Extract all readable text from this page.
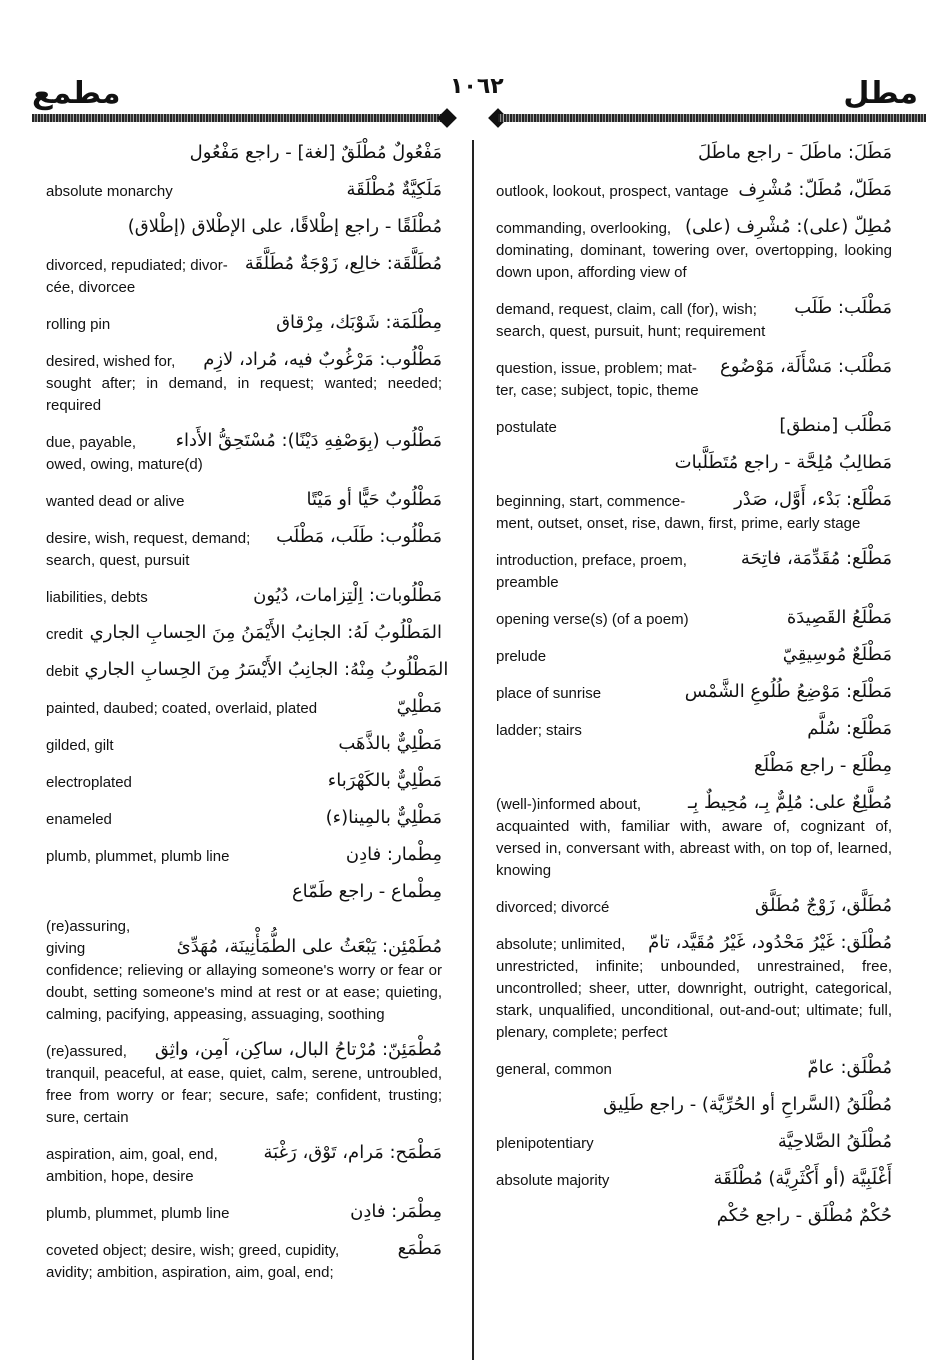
مطمع	١٠٦٢	مطل
مَفْعُولٌ مُطْلَقٌ [لغة] - راجع مَفْعُول
absolute monarchy	مَلَكِيَّةٌ مُطْلَقَة
مُطْلَقًا - راجع إطْلاقًا، على الإطْلاق (إطْلاق)
divorced, repudiated; divor- مُطَلَّقَة: خالِع، زَوْجَةٌ مُطَلَّقَة
cée, divorcee
rolling pin	مِطْلَمَة: شَوْبَك، مِرْقاق
desired, wished for,	مَطْلُوب: مَرْغُوبٌ فيه، مُراد، لازِم
sought after; in demand, in request; wanted; needed; required
due, payable,	مَطْلُوب (بِوَصْفِهِ دَيْنًا): مُسْتَحِقُّ الأَداء
owed, owing, mature(d)
wanted dead or alive	مَطْلُوبٌ حَيًّا أو مَيْتًا
desire, wish, request, demand;	مَطْلُوب: طَلَب، مَطْلَب
search, quest, pursuit
liabilities, debts	مَطْلُوبات: اِلْتِزامات، دُيُون
credit المَطْلُوبُ لَهُ: الجانِبُ الأَيْمَنُ مِنَ الحِسابِ الجاري
debit المَطْلُوبُ مِنْهُ: الجانِبُ الأَيْسَرُ مِنَ الحِسابِ الجاري
painted, daubed; coated, overlaid, plated	مَطْلِيّ
gilded, gilt	مَطْلِيٌّ بالذَّهَب
electroplated	مَطْلِيٌّ بالكَهْرَباء
enameled	مَطْلِيٌّ بالمِينا(ء)
plumb, plummet, plumb line	مِطْمار: فادِن
مِطْماع - راجع طَمّاع
(re)assuring, giving	مُطَمْئِن: يَبْعَثُ على الطُّمَأْنِينَة، مُهَدِّئ
confidence; relieving or allaying someone's worry or fear or doubt, setting someone's mind at rest or at ease; quieting, calming, pacifying, appeasing, assuaging, soothing
(re)assured,	مُطْمَئِنّ: مُرْتاحُ البال، ساكِن، آمِن، واثِق
tranquil, peaceful, at ease, quiet, calm, serene, untroubled, free from worry or fear; secure, safe; confident, trusting; sure, certain
aspiration, aim, goal, end,	مَطْمَح: مَرام، تَوْق، رَغْبَة
ambition, hope, desire
plumb, plummet, plumb line	مِطْمَر: فادِن
coveted object; desire, wish; greed, cupidity,	مَطْمَع
avidity; ambition, aspiration, aim, goal, end;
مَطَلَ: ماطَلَ - راجع ماطَلَ
outlook, lookout, prospect, vantage مَطَلّ، مُطَلّ: مُشْرِف
commanding, overlooking, مُطِلّ (على): مُشْرِف (على)
dominating, dominant, towering over, overtopping, looking down upon, affording view of
demand, request, claim, call (for), wish;	مَطْلَب: طَلَب
search, quest, pursuit, hunt; requirement
question, issue, problem; mat-	مَطْلَب: مَسْأَلَة، مَوْضُوع
ter, case; subject, topic, theme
postulate	مَطْلَب [منطق]
مَطالِبُ مُلِحَّة - راجع مُتَطَلَّبات
beginning, start, commence-	مَطْلَع: بَدْء، أَوَّل، صَدْر
ment, outset, onset, rise, dawn, first, prime, early stage
introduction, preface, proem,	مَطْلَع: مُقَدِّمَة، فاتِحَة
preamble
opening verse(s) (of a poem)	مَطْلَعُ القَصِيدَة
prelude	مَطْلَعٌ مُوسِيقِيّ
place of sunrise	مَطْلَع: مَوْضِعُ طُلُوعِ الشَّمْس
ladder; stairs	مَطْلَع: سُلَّم
مِطْلَع - راجع مَطْلَع
(well-)informed about,	مُطَّلِعٌ على: مُلِمٌّ بِـ، مُحِيطٌ بِـ
acquainted with, familiar with, aware of, cognizant of, versed in, conversant with, abreast with, on top of, learned, knowing
divorced; divorcé	مُطَلَّق، زَوْجٌ مُطَلَّق
absolute; unlimited,	مُطْلَق: غَيْرُ مَحْدُود، غَيْرُ مُقَيَّد، تامّ
unrestricted, infinite; unbounded, unrestrained, free, uncontrolled; sheer, utter, downright, outright, categorical, stark, unqualified, unconditional, out-and-out; ultimate; full, plenary, complete; perfect
general, common	مُطْلَق: عامّ
مُطْلَقُ (السَّراحِ أو الحُرِّيَّة) - راجع طَلِيق
plenipotentiary	مُطْلَقُ الصَّلاحِيَّة
absolute majority	أَغْلَبِيَّة (أو أَكْثَرِيَّة) مُطْلَقَة
حُكْمٌ مُطْلَق - راجع حُكْم
